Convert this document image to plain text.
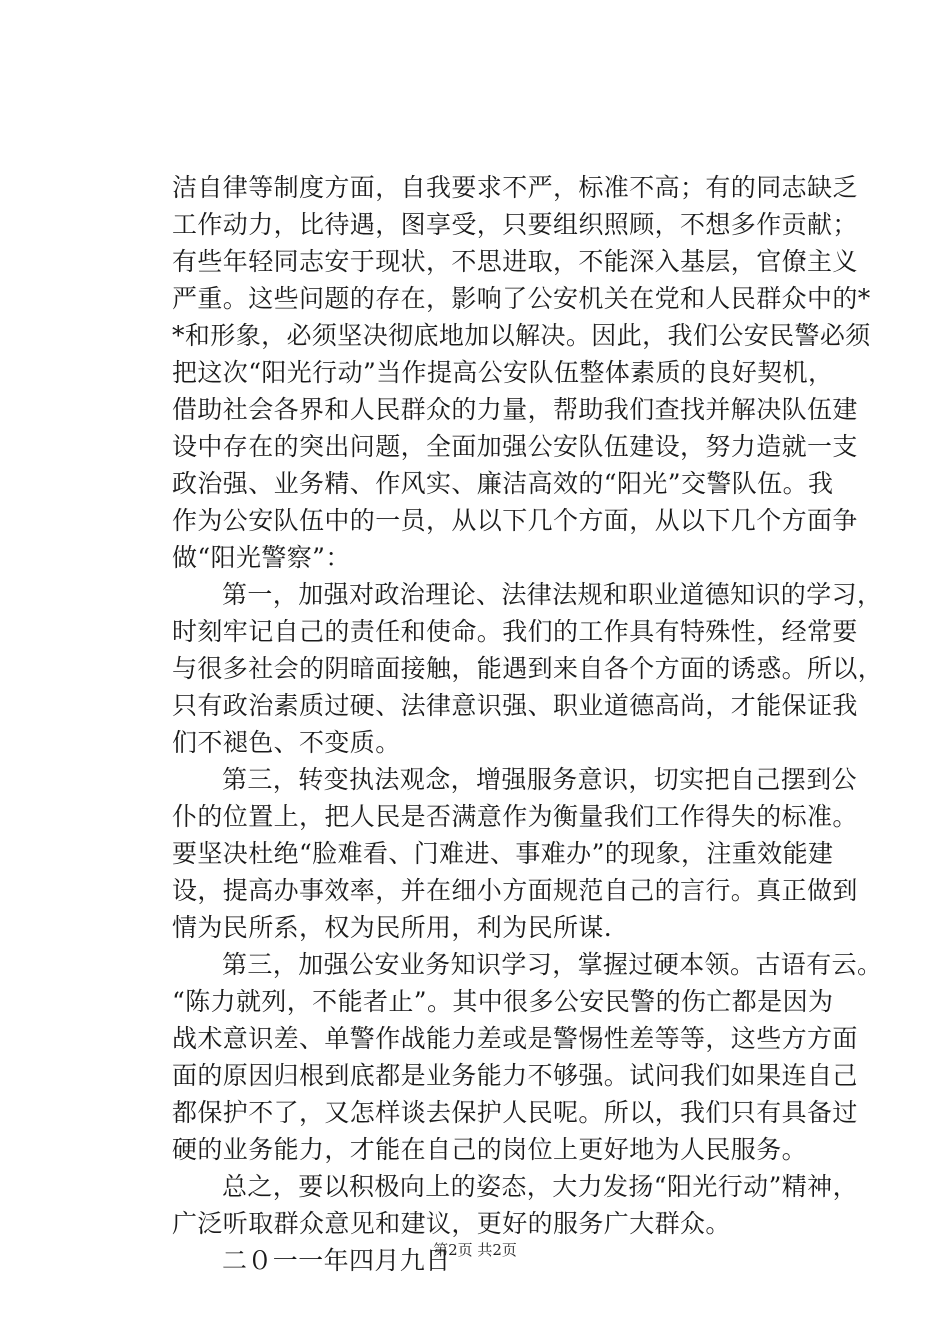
洁自律等制度方面，自我要求不严，标准不高；有的同志缺乏
工作动力，比待遇，图享受，只要组织照顾，不想多作贡献；
有些年轻同志安于现状，不思进取，不能深入基层，官僚主义
严重。这些问题的存在，影响了公安机关在党和人民群众中的*
*和形象，必须坚决彻底地加以解决。因此，我们公安民警必须
把这次“阳光行动”当作提高公安队伍整体素质的良好契机，
借助社会各界和人民群众的力量，帮助我们查找并解决队伍建
设中存在的突出问题，全面加强公安队伍建设，努力造就一支
政治强、业务精、作风实、廉洁高效的“阳光”交警队伍。我
作为公安队伍中的一员，从以下几个方面，从以下几个方面争
做“阳光警察”：
第一，加强对政治理论、法律法规和职业道德知识的学习，
时刻牢记自己的责任和使命。我们的工作具有特殊性，经常要
与很多社会的阴暗面接触，能遇到来自各个方面的诱惑。所以，
只有政治素质过硬、法律意识强、职业道德高尚，才能保证我
们不褪色、不变质。
第三，转变执法观念，增强服务意识，切实把自己摆到公
仆的位置上，把人民是否满意作为衡量我们工作得失的标准。
要坚决杜绝“脸难看、门难进、事难办”的现象，注重效能建
设，提高办事效率，并在细小方面规范自己的言行。真正做到
情为民所系，权为民所用，利为民所谋.
第三，加强公安业务知识学习，掌握过硬本领。古语有云。
“陈力就列，不能者止”。其中很多公安民警的伤亡都是因为
战术意识差、单警作战能力差或是警惕性差等等，这些方方面
面的原因归根到底都是业务能力不够强。试问我们如果连自己
都保护不了，又怎样谈去保护人民呢。所以，我们只有具备过
硬的业务能力，才能在自己的岗位上更好地为人民服务。
总之，要以积极向上的姿态，大力发扬“阳光行动”精神，
广泛听取群众意见和建议，更好的服务广大群众。
二０一一年四月九日
第2页 共2页
